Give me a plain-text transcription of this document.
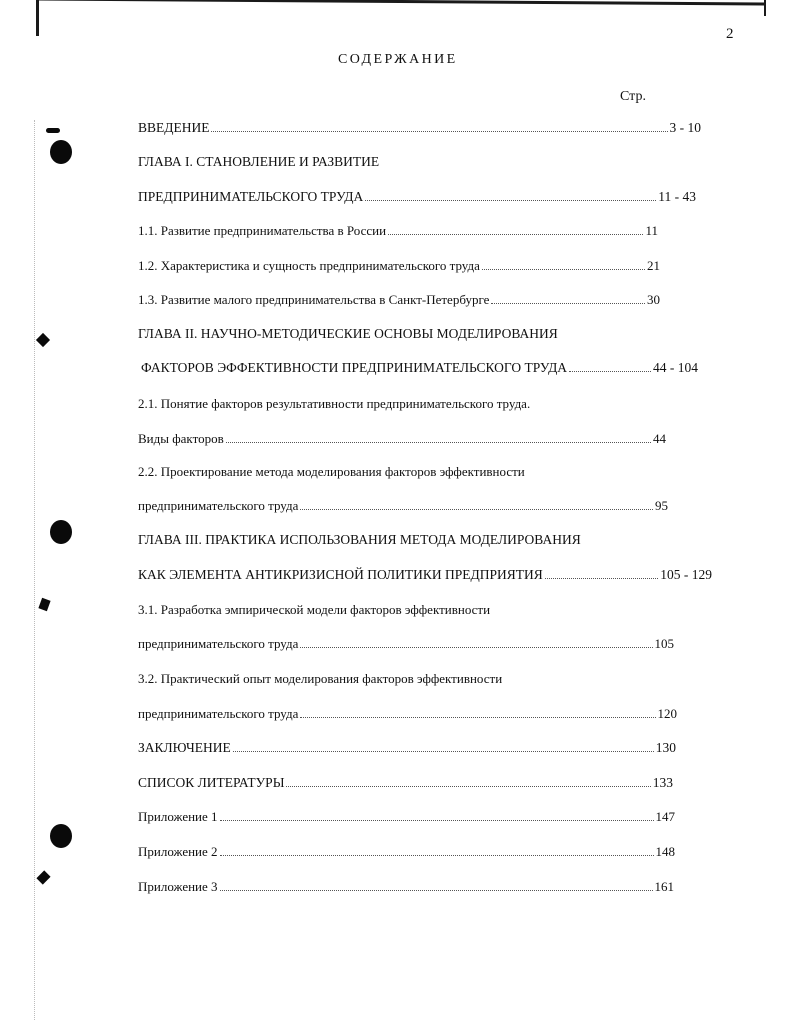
2
СОДЕРЖАНИЕ
Стр.
ВВЕДЕНИЕ	3 - 10
ГЛАВА I. СТАНОВЛЕНИЕ И РАЗВИТИЕ
ПРЕДПРИНИМАТЕЛЬСКОГО ТРУДА	11 - 43
1.1. Развитие предпринимательства в России	11
1.2. Характеристика и сущность предпринимательского труда	21
1.3. Развитие малого предпринимательства в Санкт-Петербурге	30
ГЛАВА II. НАУЧНО-МЕТОДИЧЕСКИЕ ОСНОВЫ МОДЕЛИРОВАНИЯ
ФАКТОРОВ ЭФФЕКТИВНОСТИ ПРЕДПРИНИМАТЕЛЬСКОГО ТРУДА	44 - 104
2.1. Понятие факторов результативности предпринимательского труда.
Виды факторов	44
2.2. Проектирование метода моделирования факторов эффективности
предпринимательского труда	95
ГЛАВА III. ПРАКТИКА ИСПОЛЬЗОВАНИЯ МЕТОДА МОДЕЛИРОВАНИЯ
КАК ЭЛЕМЕНТА АНТИКРИЗИСНОЙ ПОЛИТИКИ ПРЕДПРИЯТИЯ	105 - 129
3.1. Разработка эмпирической модели факторов эффективности
предпринимательского труда	105
3.2. Практический опыт моделирования факторов эффективности
предпринимательского труда	120
ЗАКЛЮЧЕНИЕ	130
СПИСОК ЛИТЕРАТУРЫ	133
Приложение 1	147
Приложение 2	148
Приложение 3	161
